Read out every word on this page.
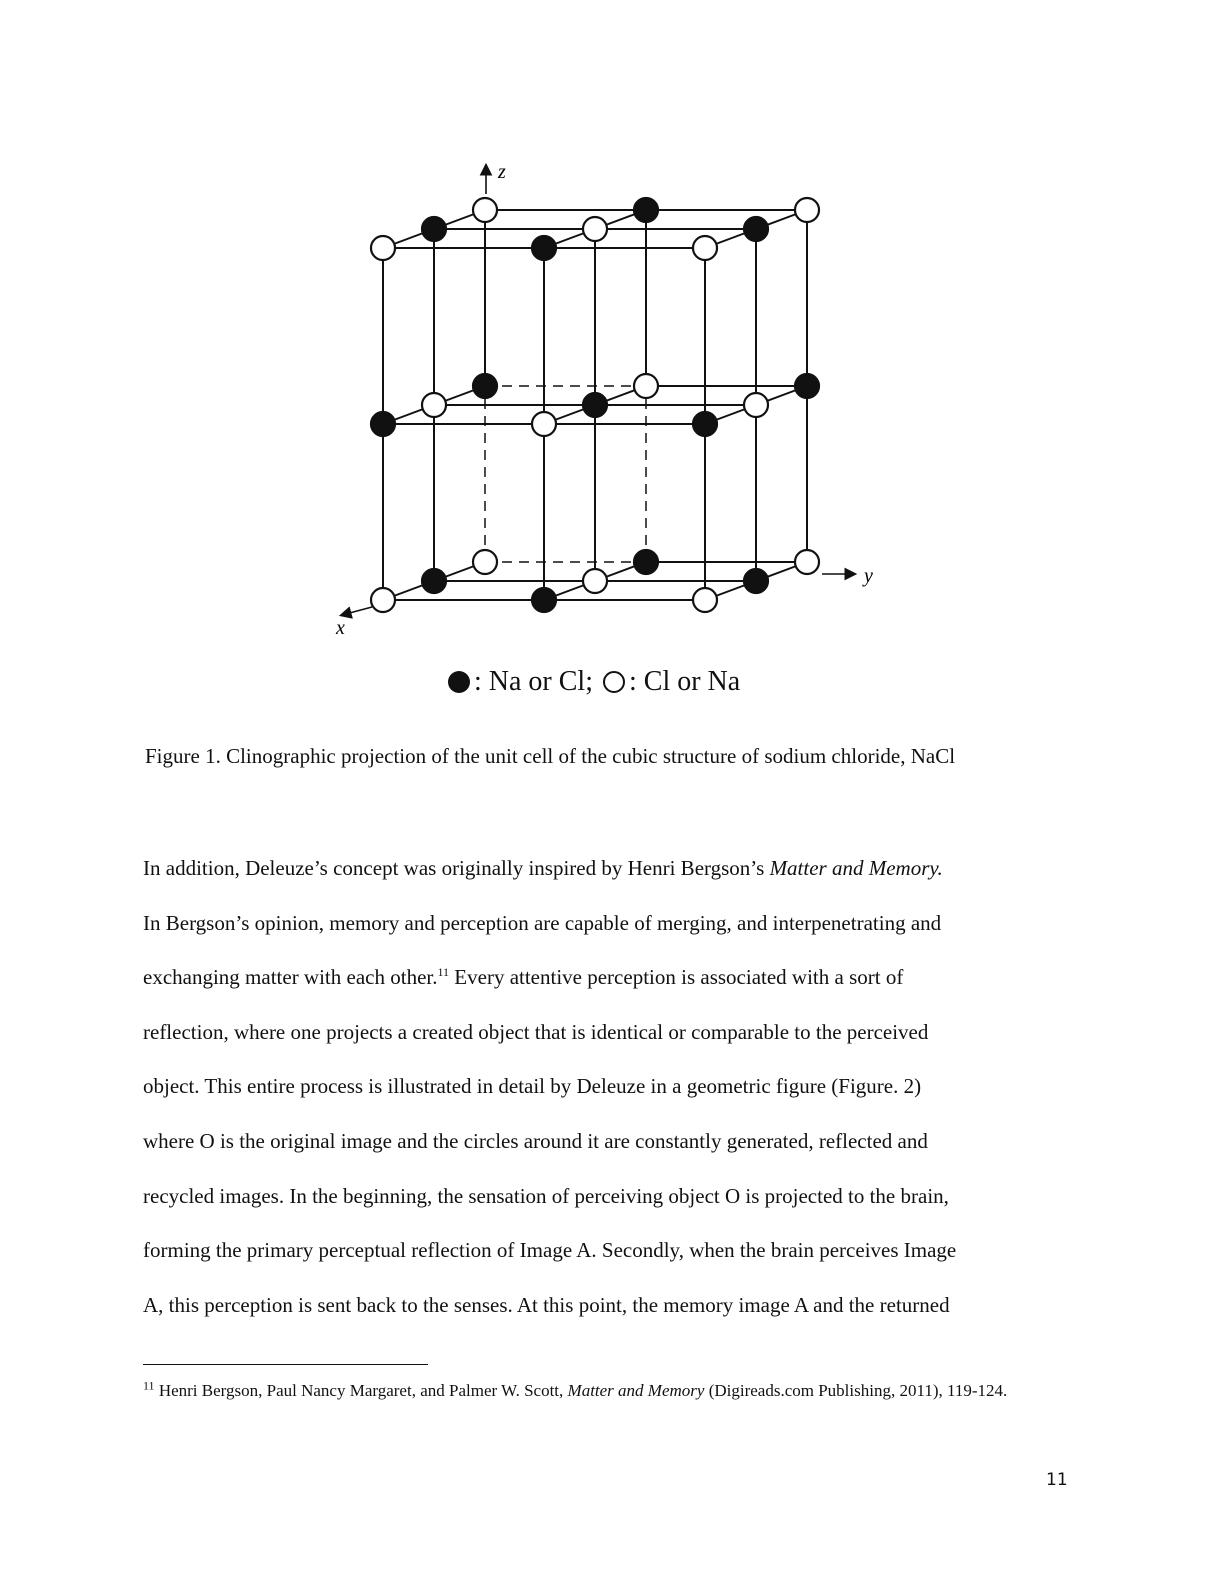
z
y
x
: Na or Cl; : Cl or Na
Figure 1. Clinographic projection of the unit cell of the cubic structure of sodium chloride, NaCl
In addition, Deleuze’s concept was originally inspired by Henri Bergson’s Matter and Memory.
In Bergson’s opinion, memory and perception are capable of merging, and interpenetrating and
exchanging matter with each other.$^{11}$ Every attentive perception is associated with a sort of
reflection, where one projects a created object that is identical or comparable to the perceived
object. This entire process is illustrated in detail by Deleuze in a geometric figure (Figure. 2)
where O is the original image and the circles around it are constantly generated, reflected and
recycled images. In the beginning, the sensation of perceiving object O is projected to the brain,
forming the primary perceptual reflection of Image A. Secondly, when the brain perceives Image
A, this perception is sent back to the senses. At this point, the memory image A and the returned
$^{11}$ Henri Bergson, Paul Nancy Margaret, and Palmer W. Scott, Matter and Memory (Digireads.com Publishing, 2011), 119-124.
11
